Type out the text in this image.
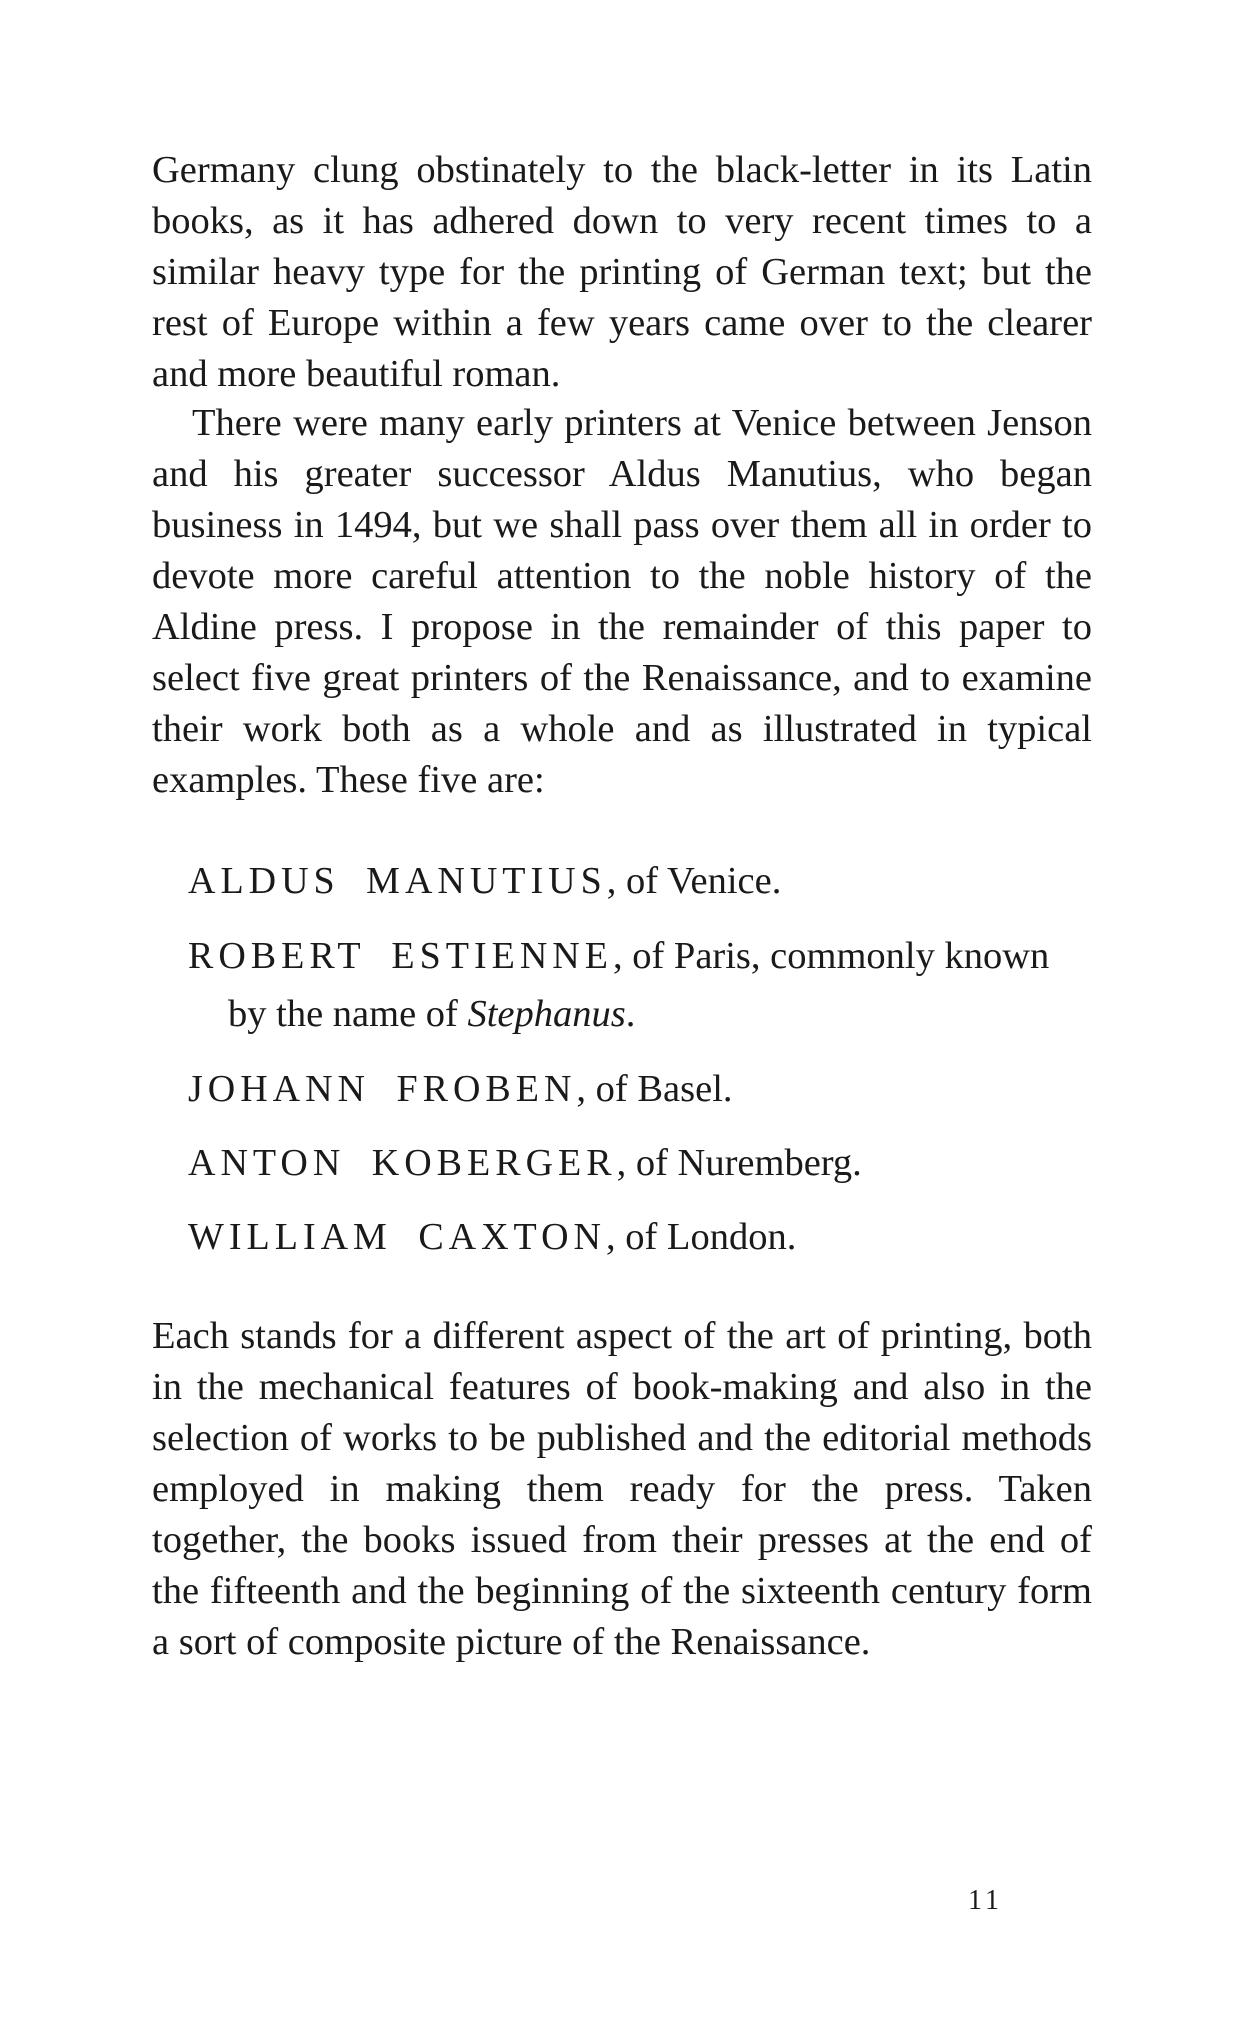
Germany clung obstinately to the black-letter in its Latin books, as it has adhered down to very recent times to a similar heavy type for the printing of German text; but the rest of Europe within a few years came over to the clearer and more beautiful roman.

There were many early printers at Venice between Jenson and his greater successor Aldus Manutius, who began business in 1494, but we shall pass over them all in order to devote more careful attention to the noble history of the Aldine press. I propose in the remainder of this paper to select five great printers of the Renaissance, and to examine their work both as a whole and as illustrated in typical examples. These five are:

ALDUS MANUTIUS, of Venice.
ROBERT ESTIENNE, of Paris, commonly known by the name of Stephanus.
JOHANN FROBEN, of Basel.
ANTON KOBERGER, of Nuremberg.
WILLIAM CAXTON, of London.

Each stands for a different aspect of the art of printing, both in the mechanical features of book-making and also in the selection of works to be published and the editorial methods employed in making them ready for the press. Taken together, the books issued from their presses at the end of the fifteenth and the beginning of the sixteenth century form a sort of composite picture of the Renaissance.

11
